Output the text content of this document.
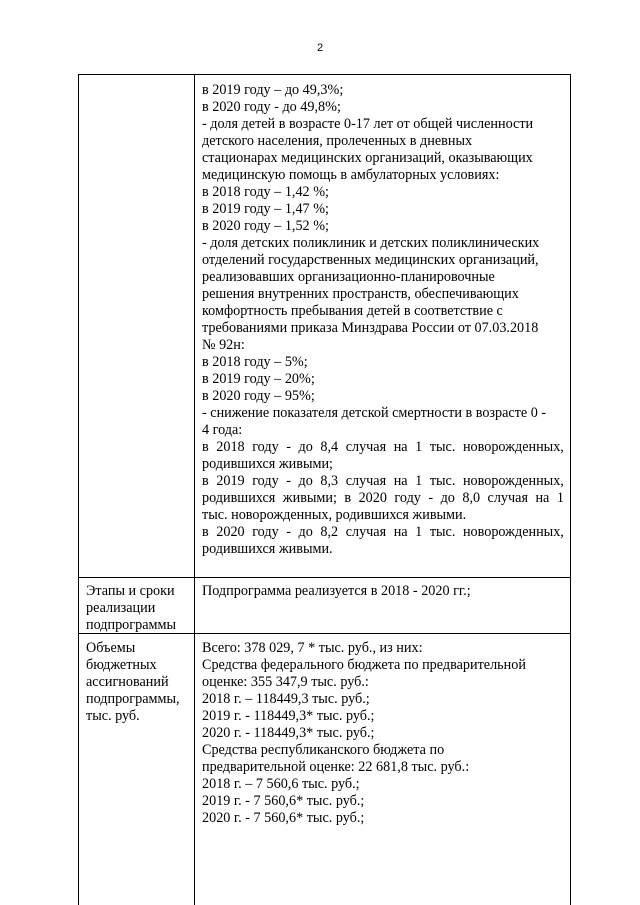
2
в 2019 году – до 49,3%;
в 2020 году - до 49,8%;
- доля детей в возрасте 0-17 лет от общей численности
детского населения, пролеченных в дневных
стационарах медицинских организаций, оказывающих
медицинскую помощь в амбулаторных условиях:
в 2018 году – 1,42 %;
в 2019 году – 1,47 %;
в 2020 году – 1,52 %;
- доля детских поликлиник и детских поликлинических
отделений государственных медицинских организаций,
реализовавших организационно-планировочные
решения внутренних пространств, обеспечивающих
комфортность пребывания детей в соответствие с
требованиями приказа Минздрава России от 07.03.2018
№ 92н:
в 2018 году – 5%;
в 2019 году – 20%;
в 2020 году – 95%;
- снижение показателя детской смертности в возрасте 0 -
4 года:
в 2018 году - до 8,4 случая на 1 тыс. новорожденных,
родившихся живыми;
в 2019 году - до 8,3 случая на 1 тыс. новорожденных,
родившихся живыми; в 2020 году - до 8,0 случая на 1
тыс. новорожденных, родившихся живыми.
в 2020 году - до 8,2 случая на 1 тыс. новорожденных,
родившихся живыми.
Этапы и сроки
реализации
подпрограммы
Подпрограмма реализуется в 2018 - 2020 гг.;
Объемы
бюджетных
ассигнований
подпрограммы,
тыс. руб.
Всего: 378 029, 7 * тыс. руб., из них:
Средства федерального бюджета по предварительной
оценке: 355 347,9 тыс. руб.:
2018 г. – 118449,3 тыс. руб.;
2019 г. - 118449,3* тыс. руб.;
2020 г. - 118449,3* тыс. руб.;
Средства республиканского бюджета по
предварительной оценке: 22 681,8 тыс. руб.:
2018 г. – 7 560,6 тыс. руб.;
2019 г. - 7 560,6* тыс. руб.;
2020 г. - 7 560,6* тыс. руб.;
